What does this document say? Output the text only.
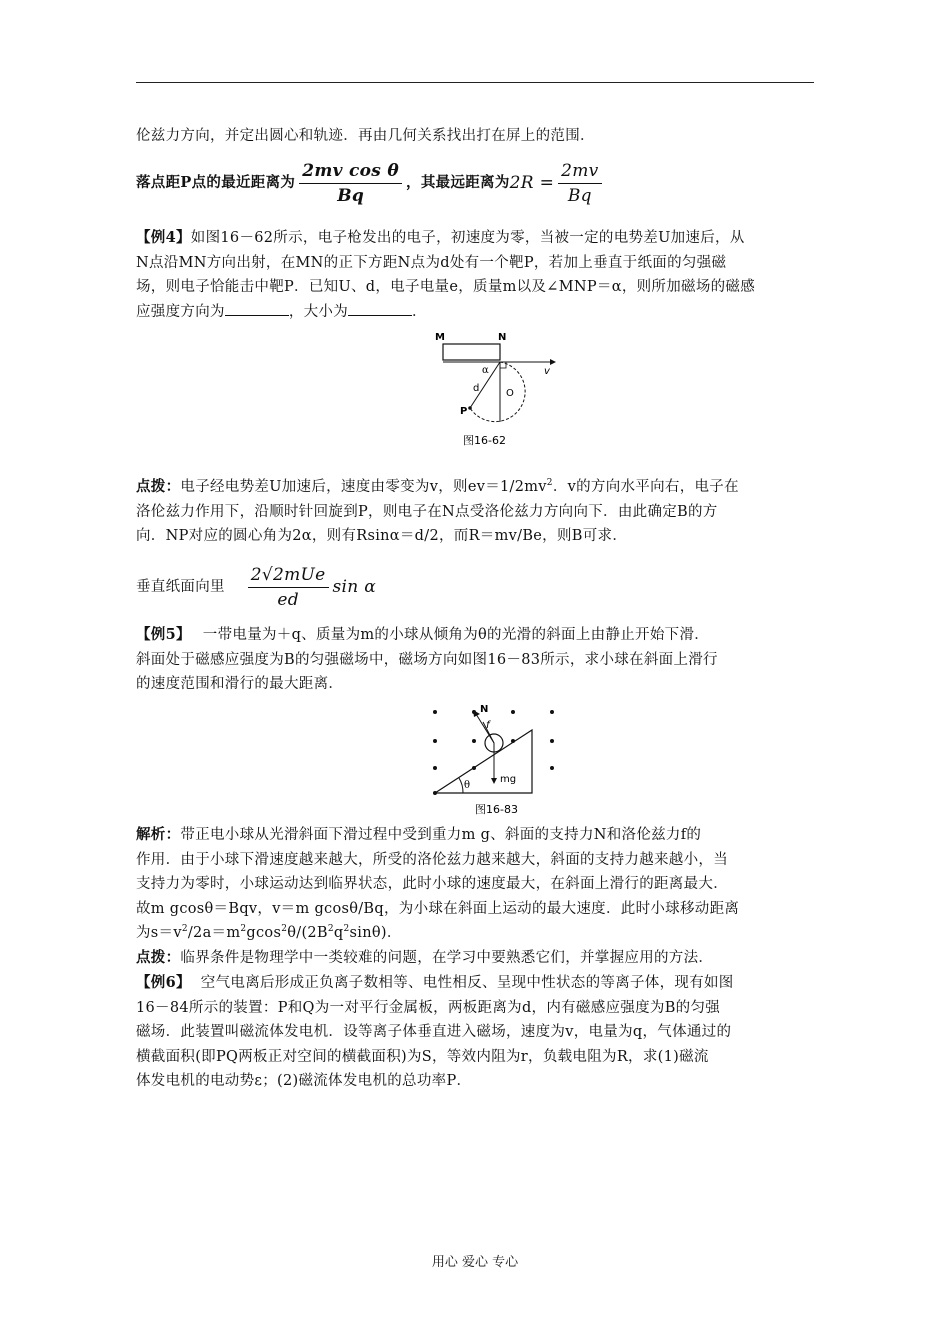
伦兹力方向，并定出圆心和轨迹．再由几何关系找出打在屏上的范围．
落点距P点的最近距离为 $\frac{\text{2mv cos θ}}{Bq}$ ，其最远距离为$2R = \frac{2mv}{Bq}$
【例4】如图16－62所示，电子枪发出的电子，初速度为零，当被一定的电势差U加速后，从
N点沿MN方向出射，在MN的正下方距N点为d处有一个靶P，若加上垂直于纸面的匀强磁
场，则电子恰能击中靶P．已知U、d，电子电量e，质量m以及∠MNP＝α，则所加磁场的磁感
应强度方向为	，大小为	．
M	N
v
α
d	O
P
图16-62
点拨：电子经电势差U加速后，速度由零变为v，则$ev=1/2mv^2$．v的方向水平向右，电子在
洛伦兹力作用下，沿顺时针回旋到P，则电子在N点受洛伦兹力方向向下．由此确定B的方
向．NP对应的圆心角为2α，则有Rsinα＝d/2，而R＝mv/Be，则B可求．
垂直纸面向里 $\frac{\text{2√2mUe}}{ed}$ sin α
【例5】 一带电量为＋q、质量为m的小球从倾角为θ的光滑的斜面上由静止开始下滑．
斜面处于磁感应强度为B的匀强磁场中，磁场方向如图16－83所示，求小球在斜面上滑行
的速度范围和滑行的最大距离．
θ
N
f
mg
图16-83
解析：带正电小球从光滑斜面下滑过程中受到重力m g、斜面的支持力N和洛伦兹力f的
作用．由于小球下滑速度越来越大，所受的洛伦兹力越来越大，斜面的支持力越来越小，当
支持力为零时，小球运动达到临界状态，此时小球的速度最大，在斜面上滑行的距离最大．
故m gcosθ＝Bqv，v＝m gcosθ/Bq，为小球在斜面上运动的最大速度．此时小球移动距离
为$s=v^2/2a=m^2gcos^2\theta/(2B^2q^2\sin\theta)$．
点拨：临界条件是物理学中一类较难的问题，在学习中要熟悉它们，并掌握应用的方法．
【例6】 空气电离后形成正负离子数相等、电性相反、呈现中性状态的等离子体，现有如图
16－84所示的装置：P和Q为一对平行金属板，两板距离为d，内有磁感应强度为B的匀强
磁场．此装置叫磁流体发电机．设等离子体垂直进入磁场，速度为v，电量为q，气体通过的
横截面积(即PQ两板正对空间的横截面积)为S，等效内阻为r，负载电阻为R，求(1)磁流
体发电机的电动势ε；(2)磁流体发电机的总功率P．
用心 爱心 专心
